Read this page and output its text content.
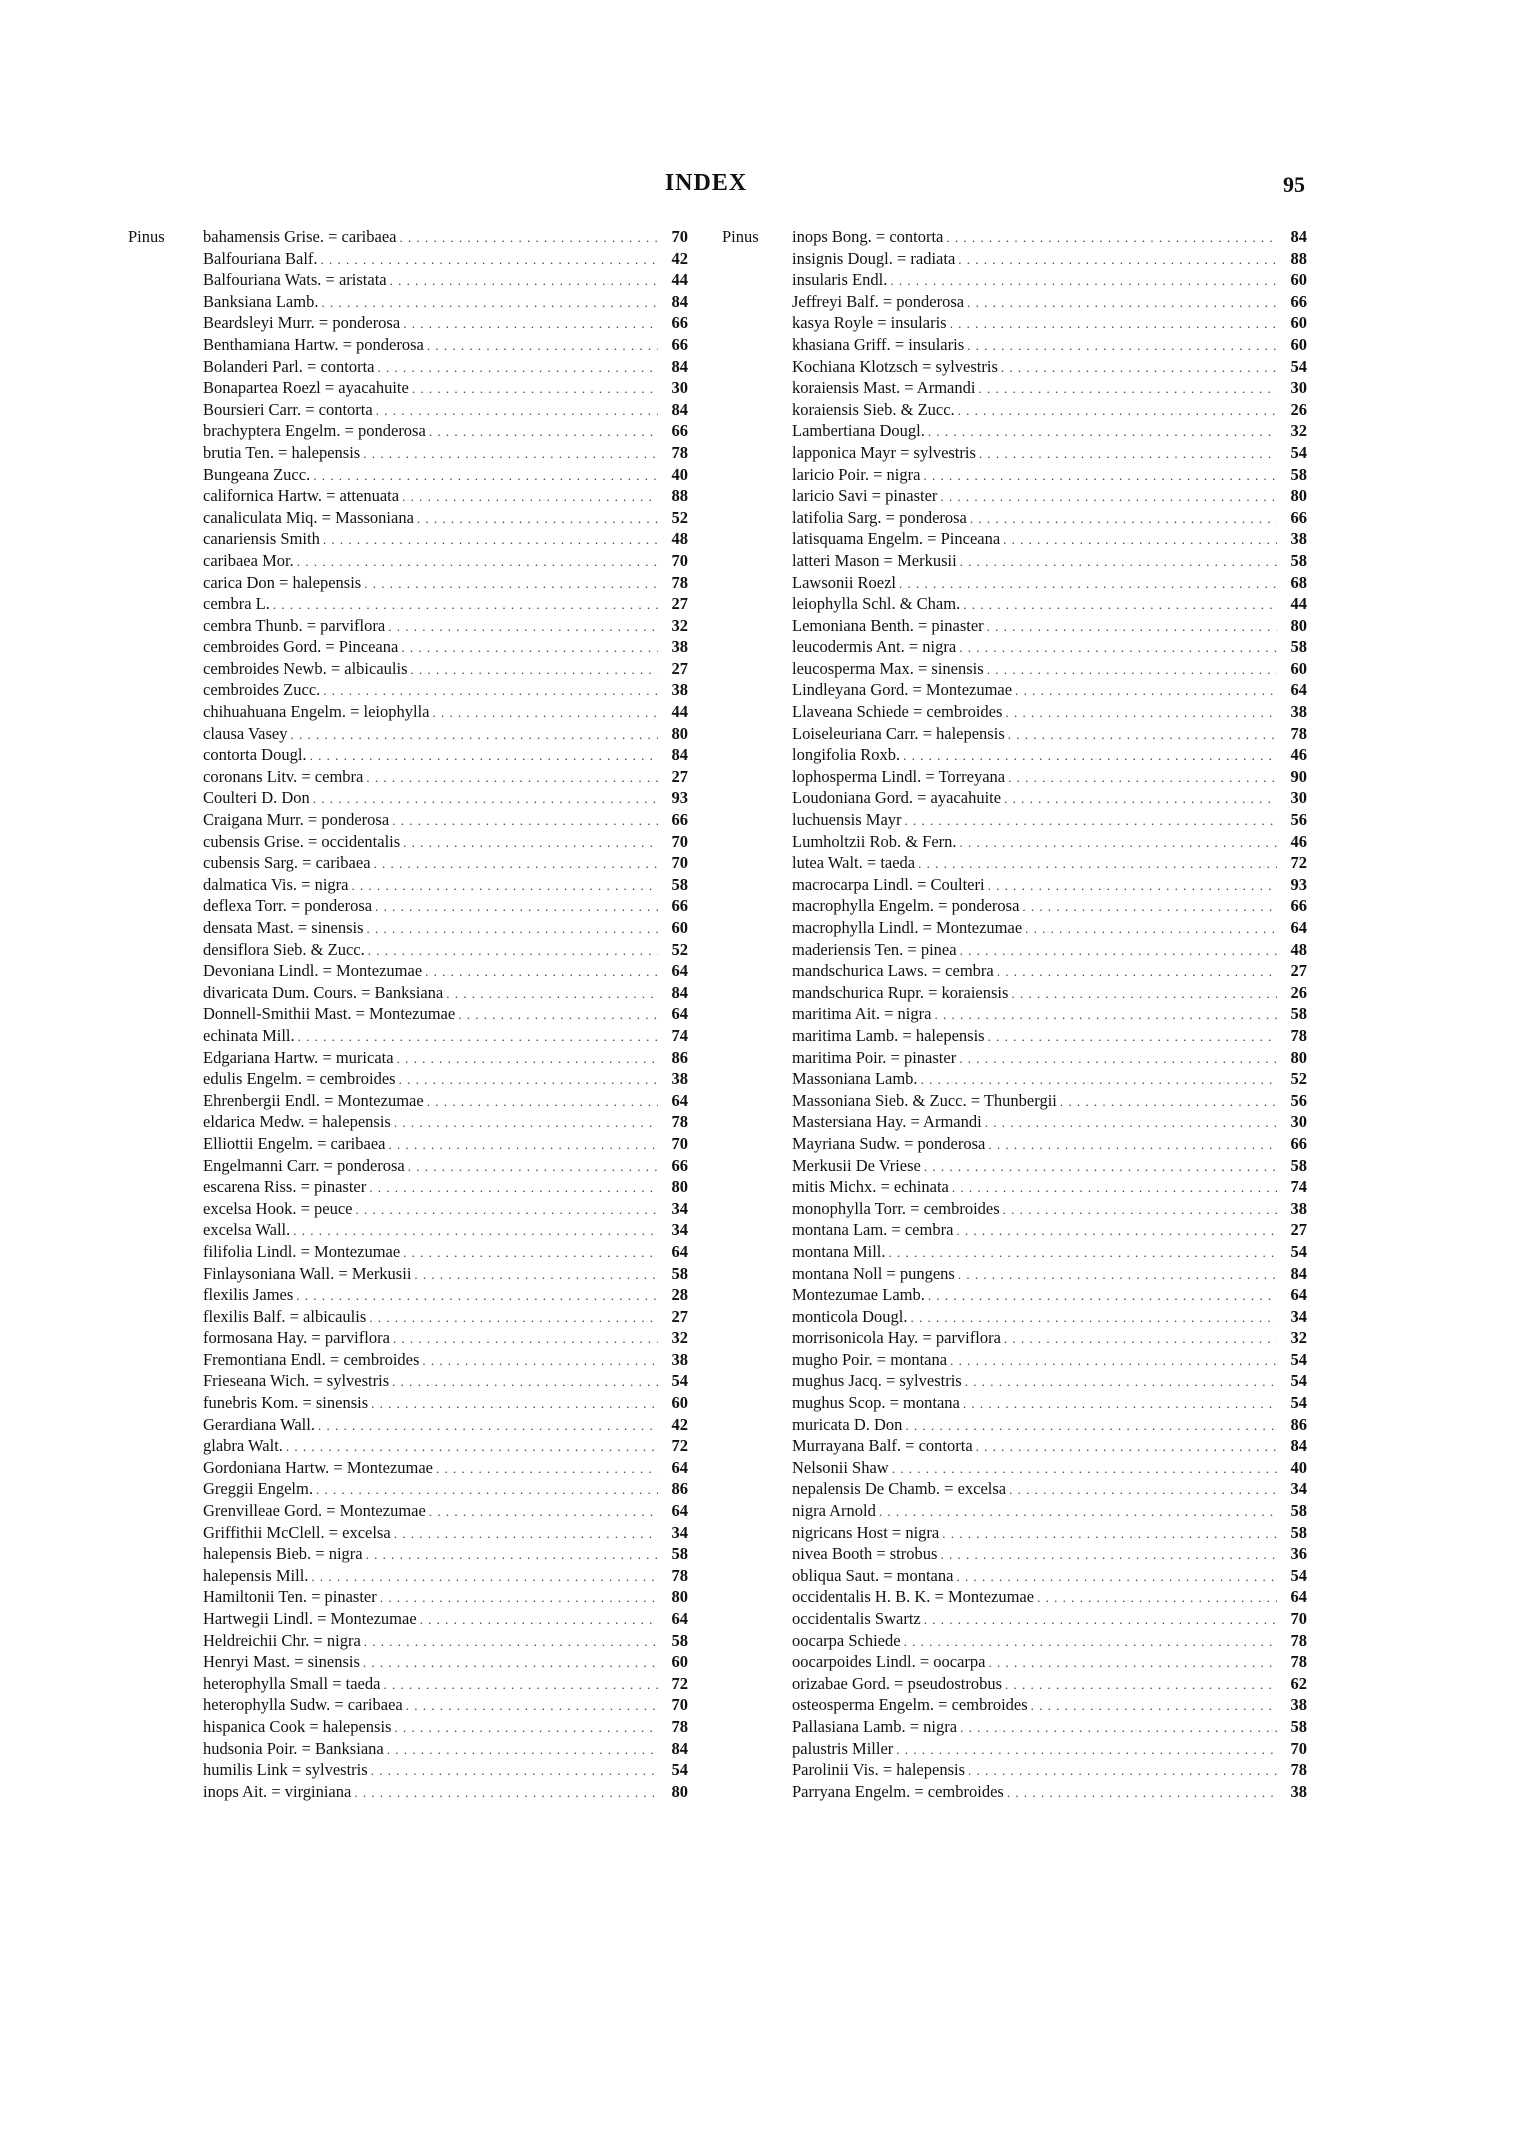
INDEX	95
Pinus bahamensis Grise. = caribaea . . .	70
Balfouriana Balf. . . .	42
Balfouriana Wats. = aristata . . .	44
Banksiana Lamb. . . .	84
Beardsleyi Murr. = ponderosa . . .	66
Benthamiana Hartw. = ponderosa . . .	66
Bolanderi Parl. = contorta . . .	84
Bonapartea Roezl = ayacahuite . . .	30
Boursieri Carr. = contorta . . .	84
brachyptera Engelm. = ponderosa . . .	66
brutia Ten. = halepensis . . .	78
Bungeana Zucc. . . .	40
californica Hartw. = attenuata . . .	88
canaliculata Miq. = Massoniana . . .	52
canariensis Smith . . .	48
caribaea Mor. . . .	70
carica Don = halepensis . . .	78
cembra L. . . .	27
cembra Thunb. = parviflora . . .	32
cembroides Gord. = Pinceana . . .	38
cembroides Newb. = albicaulis . . .	27
cembroides Zucc. . . .	38
chihuahuana Engelm. = leiophylla . . .	44
clausa Vasey . . .	80
contorta Dougl. . . .	84
coronans Litv. = cembra . . .	27
Coulteri D. Don . . .	93
Craigana Murr. = ponderosa . . .	66
cubensis Grise. = occidentalis . . .	70
cubensis Sarg. = caribaea . . .	70
dalmatica Vis. = nigra . . .	58
deflexa Torr. = ponderosa . . .	66
densata Mast. = sinensis . . .	60
densiflora Sieb. & Zucc. . . .	52
Devoniana Lindl. = Montezumae . . .	64
divaricata Dum. Cours. = Banksiana . . .	84
Donnell-Smithii Mast. = Montezumae . . .	64
echinata Mill. . . .	74
Edgariana Hartw. = muricata . . .	86
edulis Engelm. = cembroides . . .	38
Ehrenbergii Endl. = Montezumae . . .	64
eldarica Medw. = halepensis . . .	78
Elliottii Engelm. = caribaea . . .	70
Engelmanni Carr. = ponderosa . . .	66
escarena Riss. = pinaster . . .	80
excelsa Hook. = peuce . . .	34
excelsa Wall. . . .	34
filifolia Lindl. = Montezumae . . .	64
Finlaysoniana Wall. = Merkusii . . .	58
flexilis James . . .	28
flexilis Balf. = albicaulis . . .	27
formosana Hay. = parviflora . . .	32
Fremontiana Endl. = cembroides . . .	38
Frieseana Wich. = sylvestris . . .	54
funebris Kom. = sinensis . . .	60
Gerardiana Wall. . . .	42
glabra Walt. . . .	72
Gordoniana Hartw. = Montezumae . . .	64
Greggii Engelm. . . .	86
Grenvilleae Gord. = Montezumae . . .	64
Griffithii McClell. = excelsa . . .	34
halepensis Bieb. = nigra . . .	58
halepensis Mill. . . .	78
Hamiltonii Ten. = pinaster . . .	80
Hartwegii Lindl. = Montezumae . . .	64
Heldreichii Chr. = nigra . . .	58
Henryi Mast. = sinensis . . .	60
heterophylla Small = taeda . . .	72
heterophylla Sudw. = caribaea . . .	70
hispanica Cook = halepensis . . .	78
hudsonia Poir. = Banksiana . . .	84
humilis Link = sylvestris . . .	54
inops Ait. = virginiana . . .	80
Pinus inops Bong. = contorta . . .	84
insignis Dougl. = radiata . . .	88
insularis Endl. . . .	60
Jeffreyi Balf. = ponderosa . . .	66
kasya Royle = insularis . . .	60
khasiana Griff. = insularis . . .	60
Kochiana Klotzsch = sylvestris . . .	54
koraiensis Mast. = Armandi . . .	30
koraiensis Sieb. & Zucc. . . .	26
Lambertiana Dougl. . . .	32
lapponica Mayr = sylvestris . . .	54
laricio Poir. = nigra . . .	58
laricio Savi = pinaster . . .	80
latifolia Sarg. = ponderosa . . .	66
latisquama Engelm. = Pinceana . . .	38
latteri Mason = Merkusii . . .	58
Lawsonii Roezl . . .	68
leiophylla Schl. & Cham. . . .	44
Lemoniana Benth. = pinaster . . .	80
leucodermis Ant. = nigra . . .	58
leucosperma Max. = sinensis . . .	60
Lindleyana Gord. = Montezumae . . .	64
Llaveana Schiede = cembroides . . .	38
Loiseleuriana Carr. = halepensis . . .	78
longifolia Roxb. . . .	46
lophosperma Lindl. = Torreyana . . .	90
Loudoniana Gord. = ayacahuite . . .	30
luchuensis Mayr . . .	56
Lumholtzii Rob. & Fern. . . .	46
lutea Walt. = taeda . . .	72
macrocarpa Lindl. = Coulteri . . .	93
macrophylla Engelm. = ponderosa . . .	66
macrophylla Lindl. = Montezumae . . .	64
maderiensis Ten. = pinea . . .	48
mandschurica Laws. = cembra . . .	27
mandschurica Rupr. = koraiensis . . .	26
maritima Ait. = nigra . . .	58
maritima Lamb. = halepensis . . .	78
maritima Poir. = pinaster . . .	80
Massoniana Lamb. . . .	52
Massoniana Sieb. & Zucc. = Thunbergii . . .	56
Mastersiana Hay. = Armandi . . .	30
Mayriana Sudw. = ponderosa . . .	66
Merkusii De Vriese . . .	58
mitis Michx. = echinata . . .	74
monophylla Torr. = cembroides . . .	38
montana Lam. = cembra . . .	27
montana Mill. . . .	54
montana Noll = pungens . . .	84
Montezumae Lamb. . . .	64
monticola Dougl. . . .	34
morrisonicola Hay. = parviflora . . .	32
mugho Poir. = montana . . .	54
mughus Jacq. = sylvestris . . .	54
mughus Scop. = montana . . .	54
muricata D. Don . . .	86
Murrayana Balf. = contorta . . .	84
Nelsonii Shaw . . .	40
nepalensis De Chamb. = excelsa . . .	34
nigra Arnold . . .	58
nigricans Host = nigra . . .	58
nivea Booth = strobus . . .	36
obliqua Saut. = montana . . .	54
occidentalis H. B. K. = Montezumae . . .	64
occidentalis Swartz . . .	70
oocarpa Schiede . . .	78
oocarpoides Lindl. = oocarpa . . .	78
orizabae Gord. = pseudostrobus . . .	62
osteosperma Engelm. = cembroides . . .	38
Pallasiana Lamb. = nigra . . .	58
palustris Miller . . .	70
Parolinii Vis. = halepensis . . .	78
Parryana Engelm. = cembroides . . .	38
